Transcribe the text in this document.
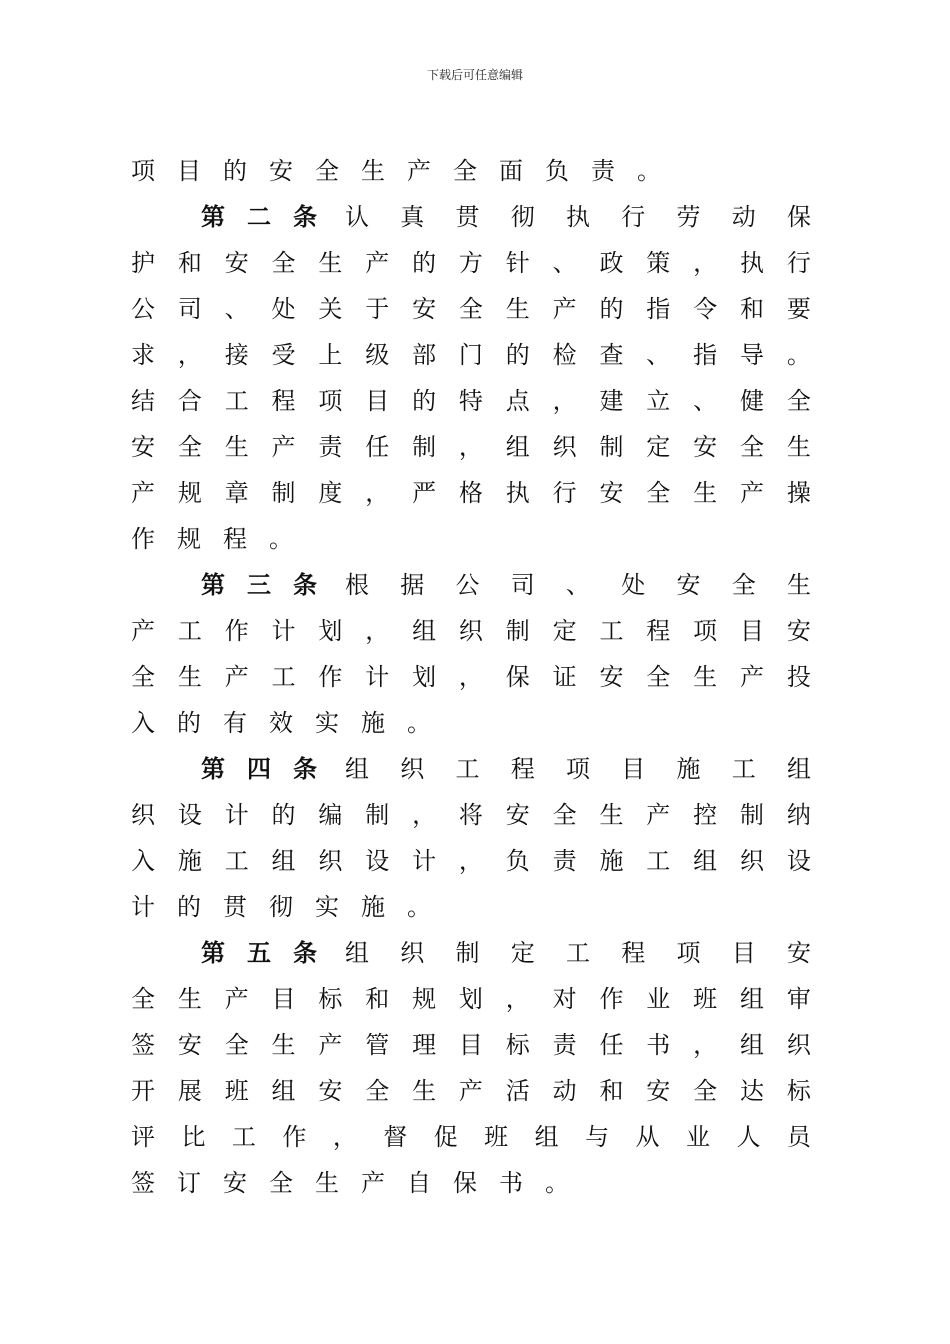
下载后可任意编辑
项 目 的 安 全 生 产 全 面 负 责 。
第 二 条 认 真 贯 彻 执 行 劳 动 保
护 和 安 全 生 产 的 方 针 、 政 策 ， 执 行
公 司 、 处 关 于 安 全 生 产 的 指 令 和 要
求 ， 接 受 上 级 部 门 的 检 查 、 指 导 。
结 合 工 程 项 目 的 特 点 ， 建 立 、 健 全
安 全 生 产 责 任 制 ， 组 织 制 定 安 全 生
产 规 章 制 度 ， 严 格 执 行 安 全 生 产 操
作 规 程 。
第 三 条 根 据 公 司 、 处 安 全 生
产 工 作 计 划 ， 组 织 制 定 工 程 项 目 安
全 生 产 工 作 计 划 ， 保 证 安 全 生 产 投
入 的 有 效 实 施 。
第 四 条 组 织 工 程 项 目 施 工 组
织 设 计 的 编 制 ， 将 安 全 生 产 控 制 纳
入 施 工 组 织 设 计 ， 负 责 施 工 组 织 设
计 的 贯 彻 实 施 。
第 五 条 组 织 制 定 工 程 项 目 安
全 生 产 目 标 和 规 划 ， 对 作 业 班 组 审
签 安 全 生 产 管 理 目 标 责 任 书 ， 组 织
开 展 班 组 安 全 生 产 活 动 和 安 全 达 标
评 比 工 作 ， 督 促 班 组 与 从 业 人 员
签 订 安 全 生 产 自 保 书 。
